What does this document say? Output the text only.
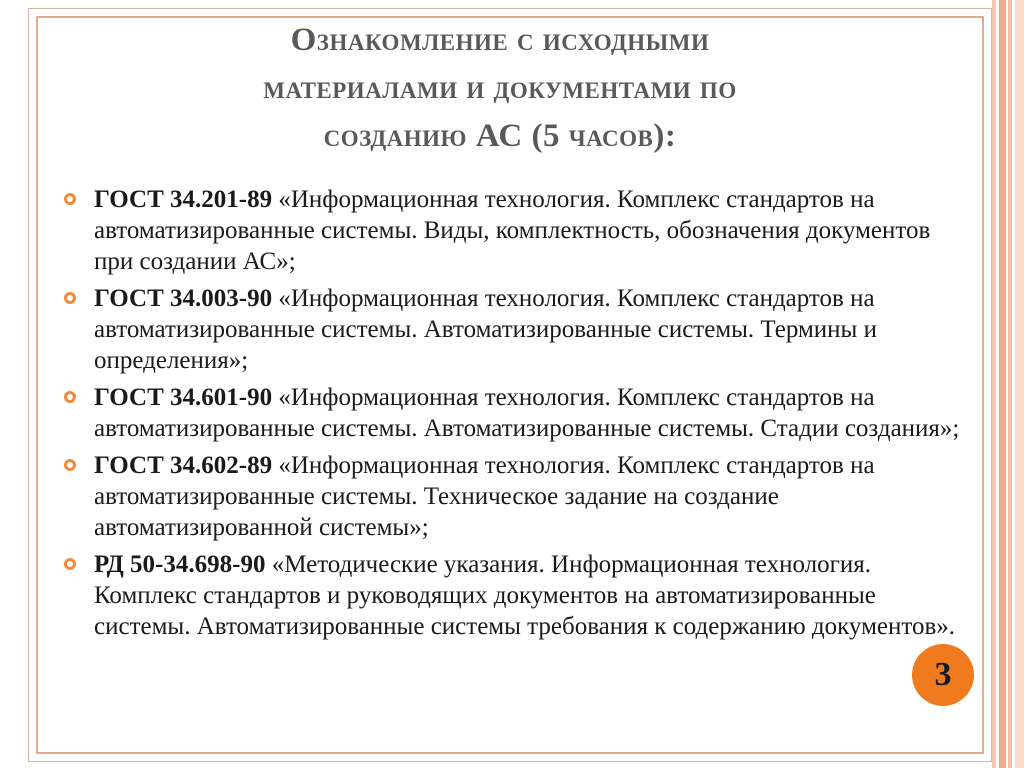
Ознакомление с исходными
материалами и документами по
созданию АС (5 часов):
ГОСТ 34.201-89 «Информационная технология. Комплекс стандартов на автоматизированные системы. Виды, комплектность, обозначения документов при создании АС»;
ГОСТ 34.003-90 «Информационная технология. Комплекс стандартов на автоматизированные системы. Автоматизированные системы. Термины и определения»;
ГОСТ 34.601-90 «Информационная технология. Комплекс стандартов на автоматизированные системы. Автоматизированные системы. Стадии создания»;
ГОСТ 34.602-89 «Информационная технология. Комплекс стандартов на автоматизированные системы. Техническое задание на создание автоматизированной системы»;
РД 50-34.698-90 «Методические указания. Информационная технология. Комплекс стандартов и руководящих документов на автоматизированные системы. Автоматизированные системы требования к содержанию документов».
3
